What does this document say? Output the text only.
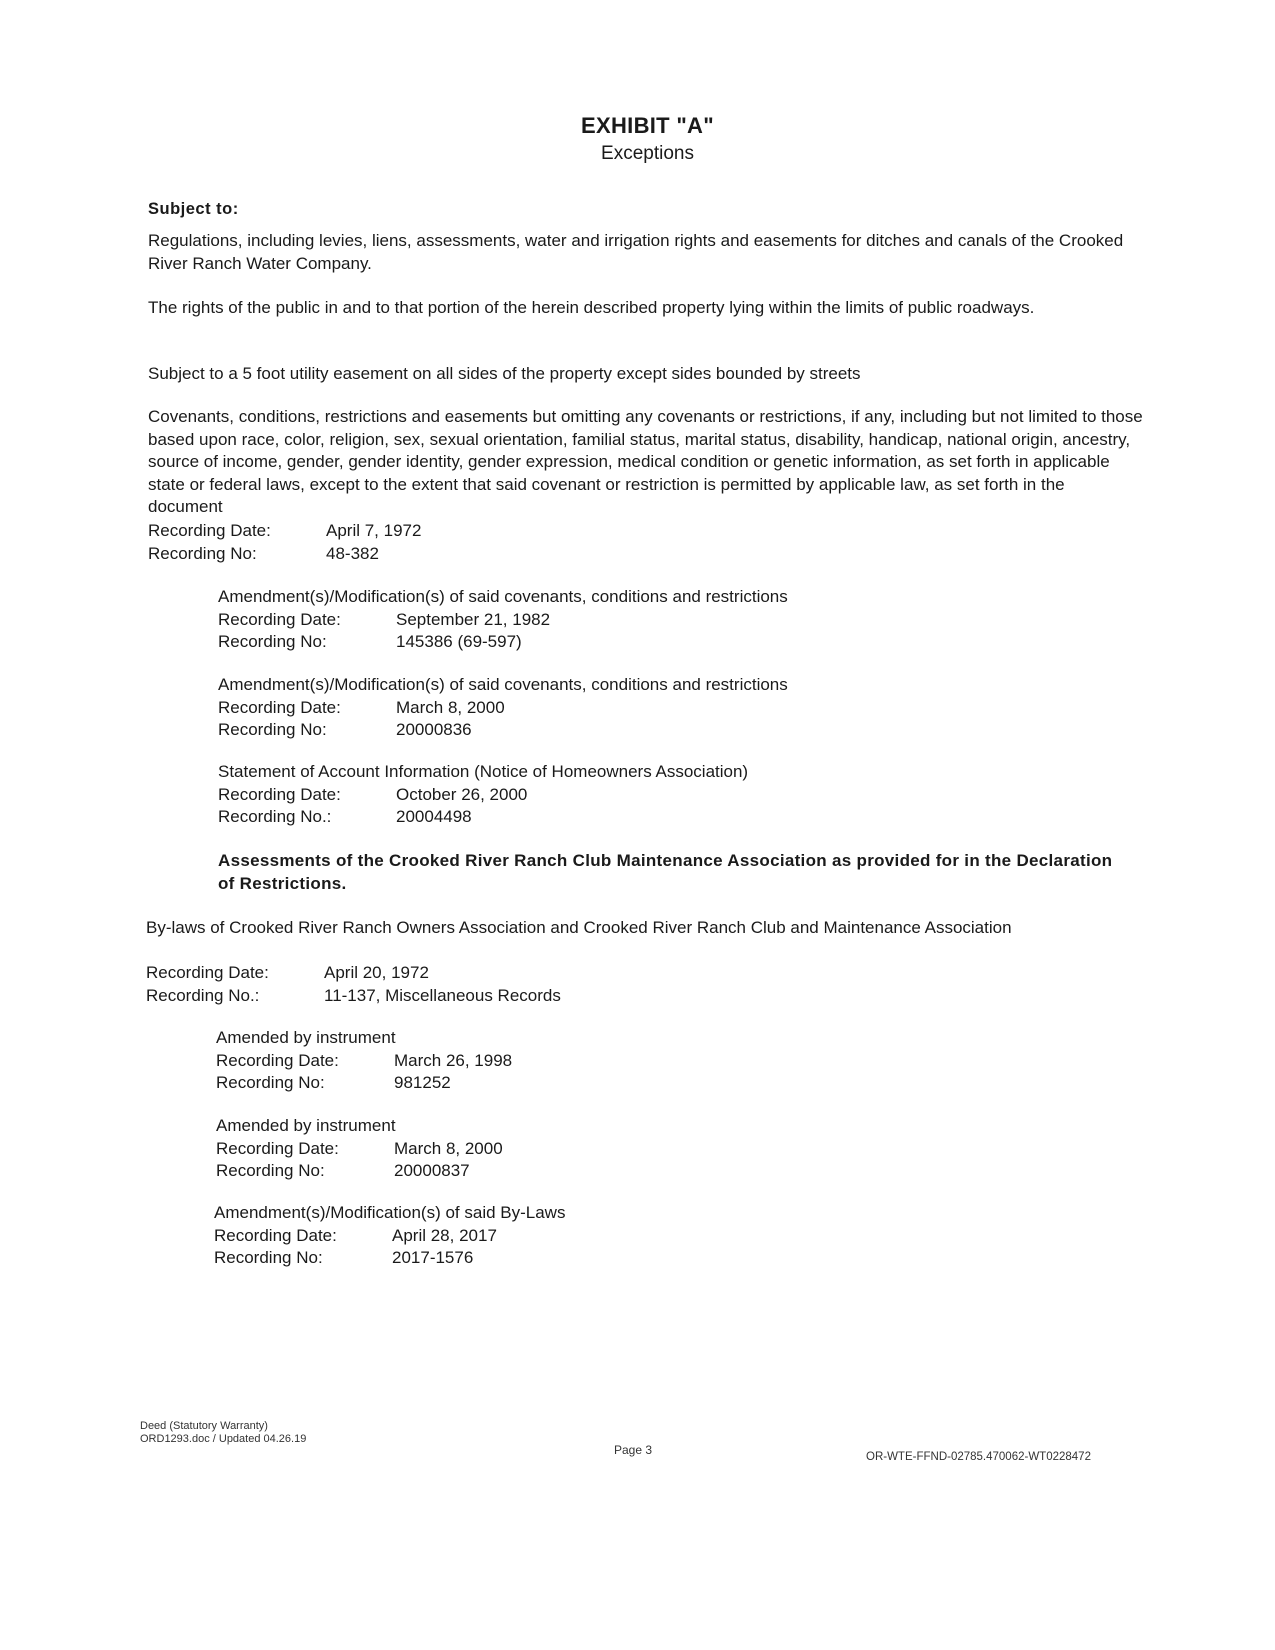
EXHIBIT "A"
Exceptions
Subject to:

Regulations, including levies, liens, assessments, water and irrigation rights and easements for ditches and canals of the Crooked River Ranch Water Company.

The rights of the public in and to that portion of the herein described property lying within the limits of public roadways.

Subject to a 5 foot utility easement on all sides of the property except sides bounded by streets

Covenants, conditions, restrictions and easements but omitting any covenants or restrictions, if any, including but not limited to those based upon race, color, religion, sex, sexual orientation, familial status, marital status, disability, handicap, national origin, ancestry, source of income, gender, gender identity, gender expression, medical condition or genetic information, as set forth in applicable state or federal laws, except to the extent that said covenant or restriction is permitted by applicable law, as set forth in the document

Recording Date:	April 7, 1972
Recording No:	48-382
Amendment(s)/Modification(s) of said covenants, conditions and restrictions
Recording Date:	September 21, 1982
Recording No:	145386 (69-597)
Amendment(s)/Modification(s) of said covenants, conditions and restrictions
Recording Date:	March 8, 2000
Recording No:	20000836
Statement of Account Information (Notice of Homeowners Association)
Recording Date:	October 26, 2000
Recording No.:	20004498

Assessments of the Crooked River Ranch Club Maintenance Association as provided for in the Declaration of Restrictions.

By-laws of Crooked River Ranch Owners Association and Crooked River Ranch Club and Maintenance Association

Recording Date:	April 20, 1972
Recording No.:	11-137, Miscellaneous Records
Amended by instrument
Recording Date:	March 26, 1998
Recording No:	981252
Amended by instrument
Recording Date:	March 8, 2000
Recording No:	20000837
Amendment(s)/Modification(s) of said By-Laws
Recording Date:	April 28, 2017
Recording No:	2017-1576
Deed (Statutory Warranty)
ORD1293.doc / Updated 04.26.19
Page 3	OR-WTE-FFND-02785.470062-WT0228472
